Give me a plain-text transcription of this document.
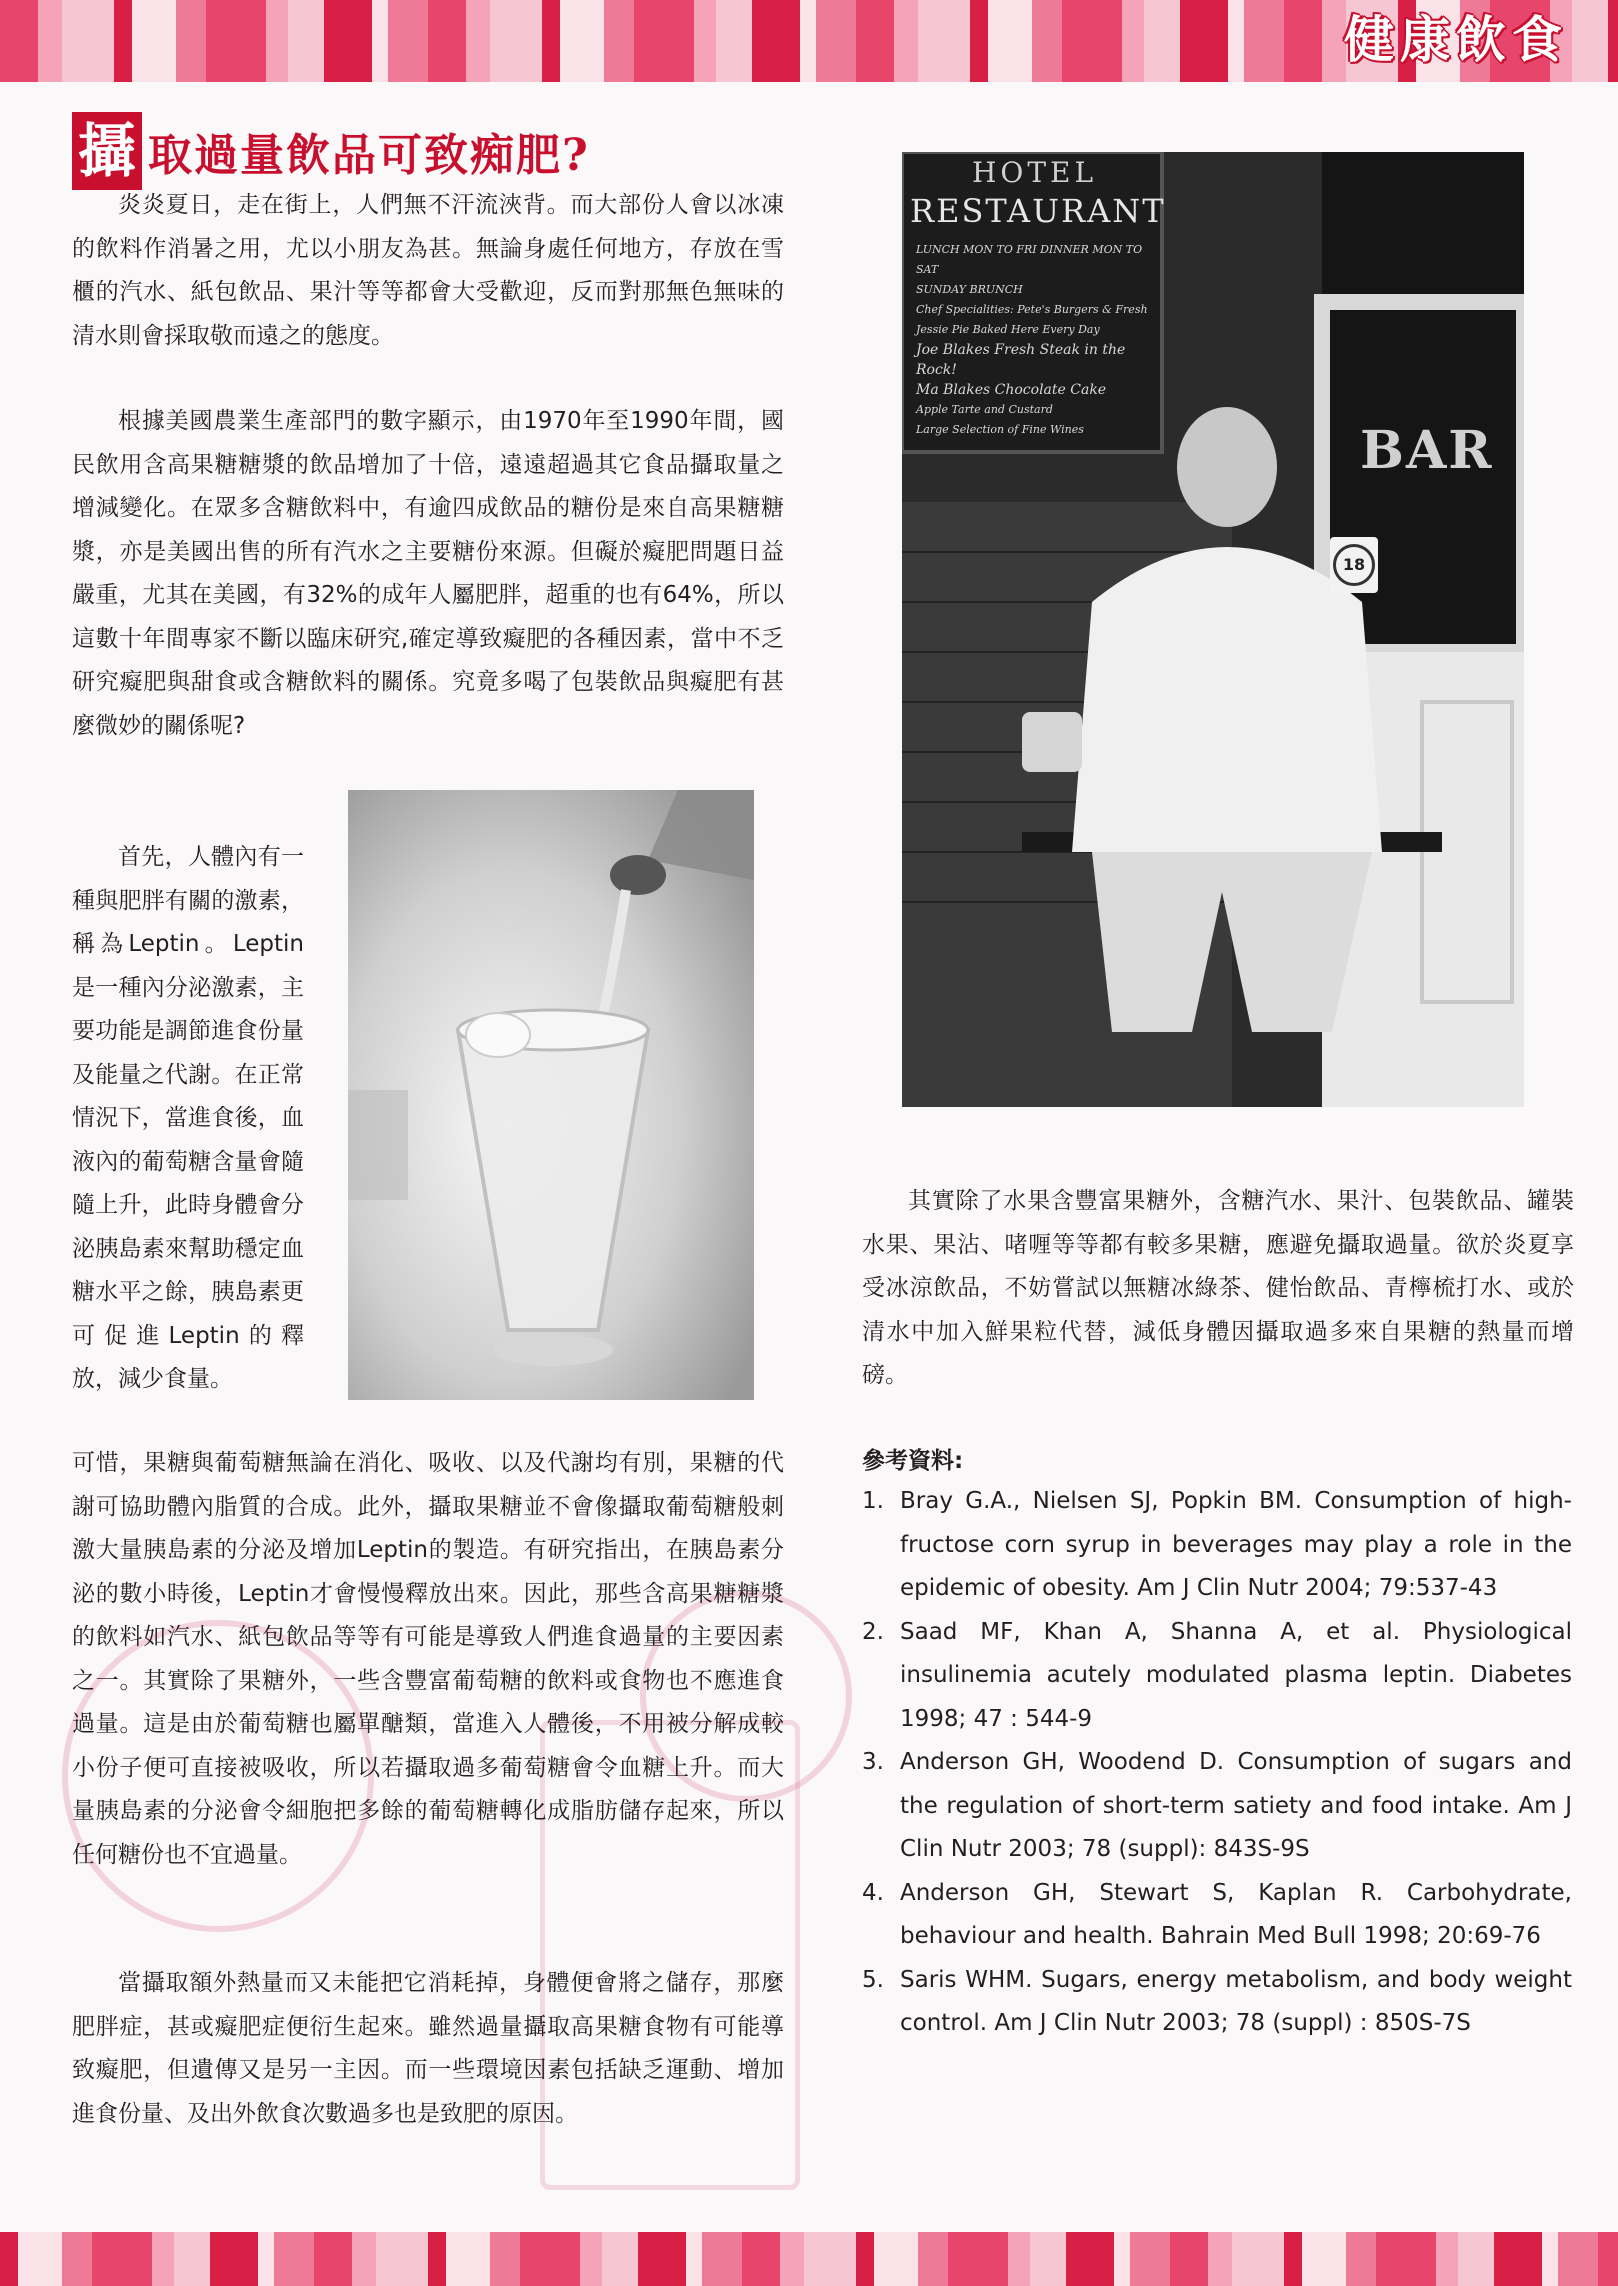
健康飲食
攝 取過量飲品可致痴肥?

炎炎夏日，走在街上，人們無不汗流浹背。而大部份人會以冰凍的飲料作消暑之用，尤以小朋友為甚。無論身處任何地方，存放在雪櫃的汽水、紙包飲品、果汁等等都會大受歡迎，反而對那無色無味的清水則會採取敬而遠之的態度。

根據美國農業生產部門的數字顯示，由1970年至1990年間，國民飲用含高果糖糖漿的飲品增加了十倍，遠遠超過其它食品攝取量之增減變化。在眾多含糖飲料中，有逾四成飲品的糖份是來自高果糖糖漿，亦是美國出售的所有汽水之主要糖份來源。但礙於癡肥問題日益嚴重，尤其在美國，有32%的成年人屬肥胖，超重的也有64%，所以這數十年間專家不斷以臨床研究,確定導致癡肥的各種因素，當中不乏研究癡肥與甜食或含糖飲料的關係。究竟多喝了包裝飲品與癡肥有甚麼微妙的關係呢?

首先，人體內有一種與肥胖有關的激素，稱為Leptin。Leptin是一種內分泌激素，主要功能是調節進食份量及能量之代謝。在正常情況下，當進食後，血液內的葡萄糖含量會隨隨上升，此時身體會分泌胰島素來幫助穩定血糖水平之餘，胰島素更可促進Leptin的釋放，減少食量。

可惜，果糖與葡萄糖無論在消化、吸收、以及代謝均有別，果糖的代謝可協助體內脂質的合成。此外，攝取果糖並不會像攝取葡萄糖般刺激大量胰島素的分泌及增加Leptin的製造。有研究指出，在胰島素分泌的數小時後，Leptin才會慢慢釋放出來。因此，那些含高果糖糖漿的飲料如汽水、紙包飲品等等有可能是導致人們進食過量的主要因素之一。其實除了果糖外，一些含豐富葡萄糖的飲料或食物也不應進食過量。這是由於葡萄糖也屬單醣類，當進入人體後，不用被分解成較小份子便可直接被吸收，所以若攝取過多葡萄糖會令血糖上升。而大量胰島素的分泌會令細胞把多餘的葡萄糖轉化成脂肪儲存起來，所以任何糖份也不宜過量。

當攝取額外熱量而又未能把它消耗掉，身體便會將之儲存，那麼肥胖症，甚或癡肥症便衍生起來。雖然過量攝取高果糖食物有可能導致癡肥，但遺傳又是另一主因。而一些環境因素包括缺乏運動、增加進食份量、及出外飲食次數過多也是致肥的原因。

HOTEL
RESTAURANT
LUNCH MON TO FRI DINNER MON TO SAT
SUNDAY BRUNCH
Chef Specialities: Pete's Burgers & Fresh
Jessie Pie Baked Here Every Day
Joe Blakes Fresh Steak in the Rock!
Ma Blakes Chocolate Cake
Apple Tarte and Custard
Large Selection of Fine Wines	BAR
18

其實除了水果含豐富果糖外，含糖汽水、果汁、包裝飲品、罐裝水果、果沾、啫喱等等都有較多果糖，應避免攝取過量。欲於炎夏享受冰涼飲品，不妨嘗試以無糖冰綠茶、健怡飲品、青檸梳打水、或於清水中加入鮮果粒代替，減低身體因攝取過多來自果糖的熱量而增磅。

參考資料:

1. Bray G.A., Nielsen SJ, Popkin BM. Consumption of high-fructose corn syrup in beverages may play a role in the epidemic of obesity. Am J Clin Nutr 2004; 79:537-43
2. Saad MF, Khan A, Shanna A, et al. Physiological insulinemia acutely modulated plasma leptin. Diabetes 1998; 47 : 544-9
3. Anderson GH, Woodend D. Consumption of sugars and the regulation of short-term satiety and food intake. Am J Clin Nutr 2003; 78 (suppl): 843S-9S
4. Anderson GH, Stewart S, Kaplan R. Carbohydrate, behaviour and health. Bahrain Med Bull 1998; 20:69-76
5. Saris WHM. Sugars, energy metabolism, and body weight control. Am J Clin Nutr 2003; 78 (suppl) : 850S-7S
